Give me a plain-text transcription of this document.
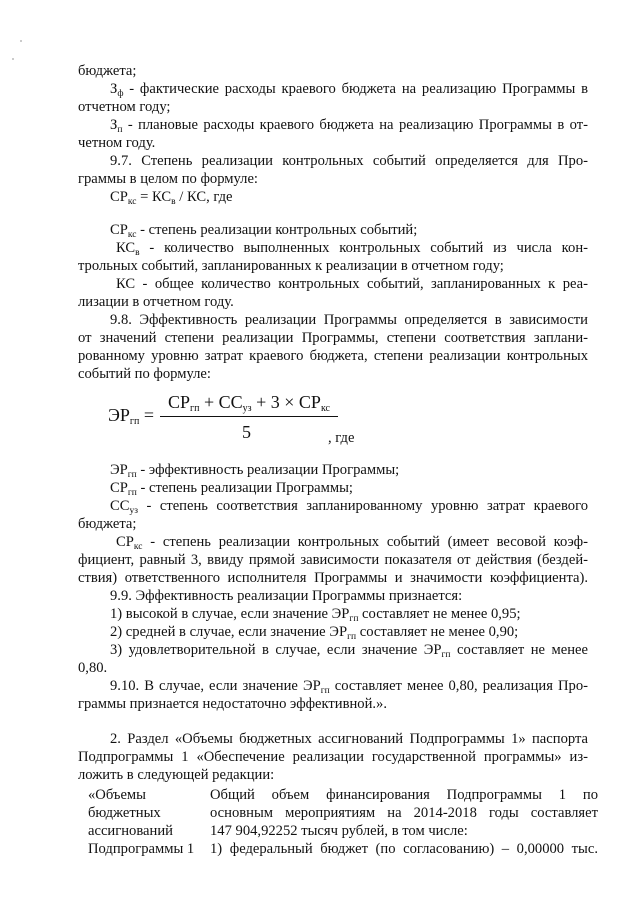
бюджета;
$З_ф$ - фактические расходы краевого бюджета на реализацию Программы в
отчетном году;
$З_п$ - плановые расходы краевого бюджета на реализацию Программы в от-
четном году.
9.7. Степень реализации контрольных событий определяется для Про-
граммы в целом по формуле:
$СР_{кс} = КС_в$ / КС, где
$СР_{кс}$ - степень реализации контрольных событий;
$КС_в$ - количество выполненных контрольных событий из числа кон-
трольных событий, запланированных к реализации в отчетном году;
КС - общее количество контрольных событий, запланированных к реа-
лизации в отчетном году.
9.8. Эффективность реализации Программы определяется в зависимости
от значений степени реализации Программы, степени соответствия заплани-
рованному уровню затрат краевого бюджета, степени реализации контрольных
событий по формуле:
$ЭР_{гп}$ =
$СР_{гп} + СС_{уз} + 3 \times СР_{кс}$
5	, где
$ЭР_{гп}$ - эффективность реализации Программы;
$СР_{гп}$ - степень реализации Программы;
$СС_{уз}$ - степень соответствия запланированному уровню затрат краевого
бюджета;
$СР_{кс}$ - степень реализации контрольных событий (имеет весовой коэф-
фициент, равный 3, ввиду прямой зависимости показателя от действия (бездей-
ствия) ответственного исполнителя Программы и значимости коэффициента).
9.9. Эффективность реализации Программы признается:
1) высокой в случае, если значение $ЭР_{гп}$ составляет не менее 0,95;
2) средней в случае, если значение $ЭР_{гп}$ составляет не менее 0,90;
3) удовлетворительной в случае, если значение $ЭР_{гп}$ составляет не менее
0,80.
9.10. В случае, если значение $ЭР_{гп}$ составляет менее 0,80, реализация Про-
граммы признается недостаточно эффективной.».
2. Раздел «Объемы бюджетных ассигнований Подпрограммы 1» паспорта
Подпрограммы 1 «Обеспечение реализации государственной программы» из-
ложить в следующей редакции:
«Объемы
бюджетных
ассигнований
Подпрограммы 1
Общий объем финансирования Подпрограммы 1 по
основным мероприятиям на 2014-2018 годы составляет
147 904,92252 тысяч рублей, в том числе:
1) федеральный бюджет (по согласованию) – 0,00000 тыс.
